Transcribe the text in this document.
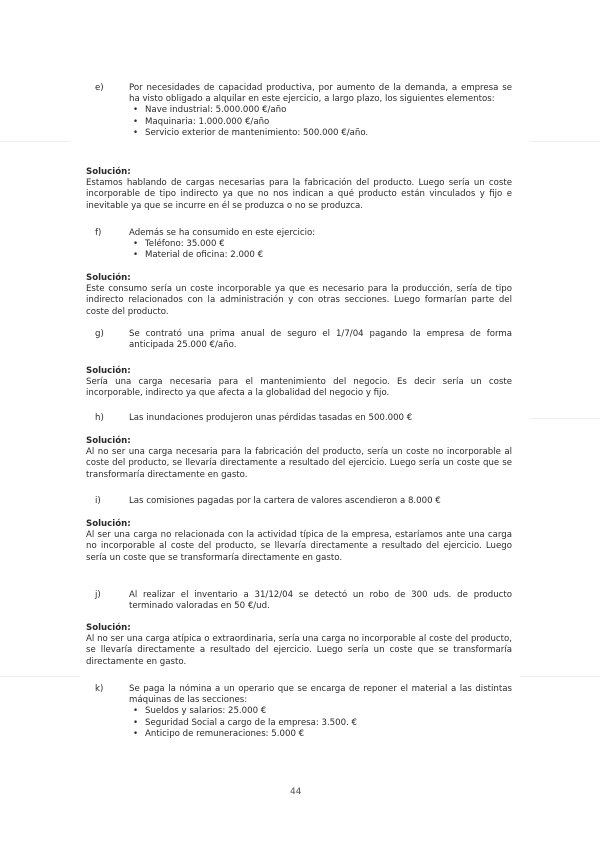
e)	Por necesidades de capacidad productiva, por aumento de la demanda, a empresa se ha visto obligado a alquilar en este ejercicio, a largo plazo, los siguientes elementos:
• Nave industrial: 5.000.000 €/año
• Maquinaria: 1.000.000 €/año
• Servicio exterior de mantenimiento: 500.000 €/año.
Solución:
Estamos hablando de cargas necesarias para la fabricación del producto. Luego sería un coste incorporable de tipo indirecto ya que no nos indican a qué producto están vinculados y fijo e inevitable ya que se incurre en él se produzca o no se produzca.
f)	Además se ha consumido en este ejercicio:
• Teléfono: 35.000 €
• Material de oficina: 2.000 €
Solución:
Este consumo sería un coste incorporable ya que es necesario para la producción, sería de tipo indirecto relacionados con la administración y con otras secciones. Luego formarían parte del coste del producto.
g)	Se contrató una prima anual de seguro el 1/7/04 pagando la empresa de forma anticipada 25.000 €/año.
Solución:
Sería una carga necesaria para el mantenimiento del negocio. Es decir sería un coste incorporable, indirecto ya que afecta a la globalidad del negocio y fijo.
h)	Las inundaciones produjeron unas pérdidas tasadas en 500.000 €
Solución:
Al no ser una carga necesaria para la fabricación del producto, sería un coste no incorporable al coste del producto, se llevaría directamente a resultado del ejercicio. Luego sería un coste que se transformaría directamente en gasto.
i)	Las comisiones pagadas por la cartera de valores ascendieron a 8.000 €
Solución:
Al ser una carga no relacionada con la actividad típica de la empresa, estaríamos ante una carga no incorporable al coste del producto, se llevaría directamente a resultado del ejercicio. Luego sería un coste que se transformaría directamente en gasto.
j)	Al realizar el inventario a 31/12/04 se detectó un robo de 300 uds. de producto terminado valoradas en 50 €/ud.
Solución:
Al no ser una carga atípica o extraordinaria, sería una carga no incorporable al coste del producto, se llevaría directamente a resultado del ejercicio. Luego sería un coste que se transformaría directamente en gasto.
k)	Se paga la nómina a un operario que se encarga de reponer el material a las distintas máquinas de las secciones:
• Sueldos y salarios: 25.000 €
• Seguridad Social a cargo de la empresa: 3.500. €
• Anticipo de remuneraciones: 5.000 €
44
